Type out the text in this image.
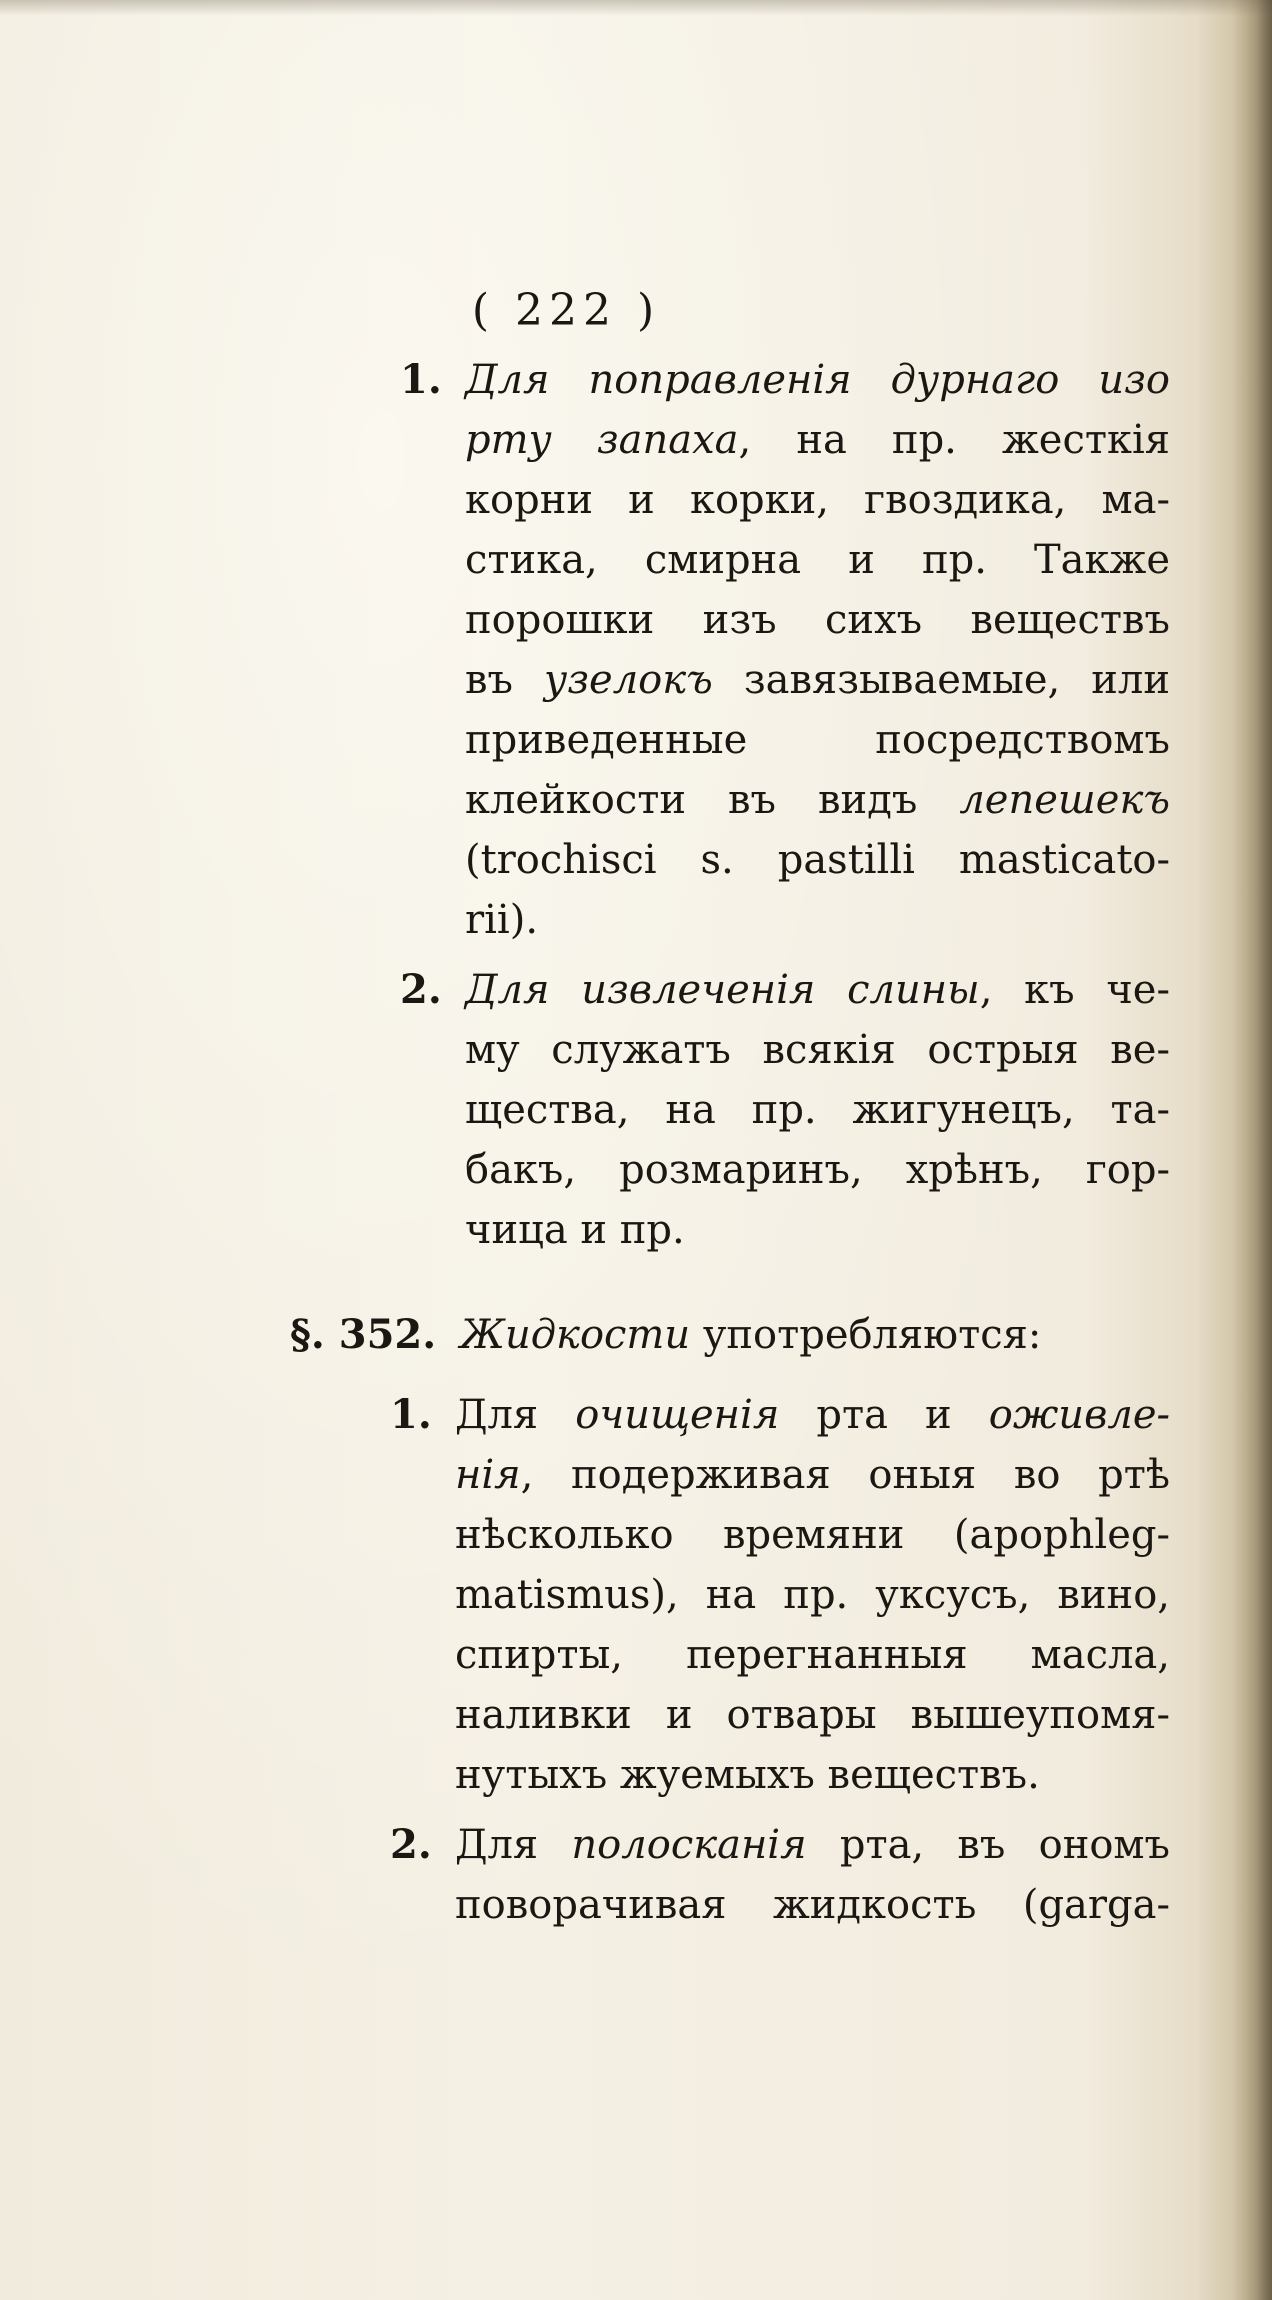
( 222 )
1. Для поправленія дурнаго изо
рту запаха, на пр. жесткія
корни и корки, гвоздика, ма-
стика, смирна и пр. Также
порошки изъ сихъ веществъ
въ узелокъ завязываемые, или
приведенные посредствомъ
клейкости въ видъ лепешекъ
(trochisci s. pastilli masticato-
rii).
2. Для извлеченія слины, къ че-
му служатъ всякія острыя ве-
щества, на пр. жигунецъ, та-
бакъ, розмаринъ, хрѣнъ, гор-
чица и пр.
§. 352. Жидкости употребляются:
1. Для очищенія рта и оживле-
нія, подерживая оныя во ртѣ
нѣсколько времяни (apophleg-
matismus), на пр. уксусъ, вино,
спирты, перегнанныя масла,
наливки и отвары вышеупомя-
нутыхъ жуемыхъ веществъ.
2. Для полосканія рта, въ ономъ
поворачивая жидкость (garga-
